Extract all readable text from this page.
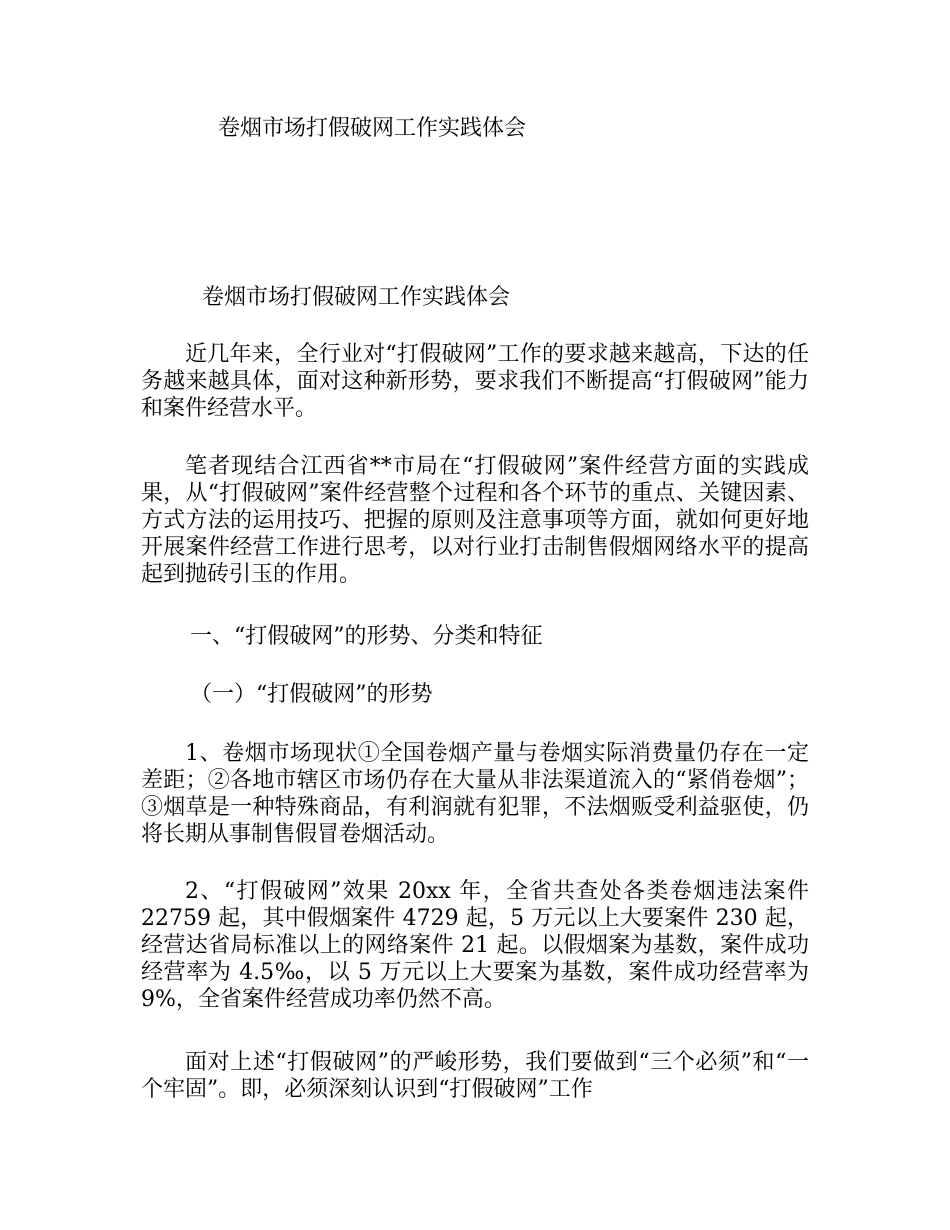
卷烟市场打假破网工作实践体会
卷烟市场打假破网工作实践体会

近几年来，全行业对“打假破网”工作的要求越来越高，下达的任务越来越具体，面对这种新形势，要求我们不断提高“打假破网”能力和案件经营水平。

笔者现结合江西省**市局在“打假破网”案件经营方面的实践成果，从“打假破网”案件经营整个过程和各个环节的重点、关键因素、方式方法的运用技巧、把握的原则及注意事项等方面，就如何更好地开展案件经营工作进行思考，以对行业打击制售假烟网络水平的提高起到抛砖引玉的作用。

一、“打假破网”的形势、分类和特征
（一）“打假破网”的形势

1、卷烟市场现状①全国卷烟产量与卷烟实际消费量仍存在一定差距；②各地市辖区市场仍存在大量从非法渠道流入的“紧俏卷烟”；③烟草是一种特殊商品，有利润就有犯罪，不法烟贩受利益驱使，仍将长期从事制售假冒卷烟活动。

2、“打假破网”效果 20xx 年，全省共查处各类卷烟违法案件 22759 起，其中假烟案件 4729 起，5 万元以上大要案件 230 起，经营达省局标准以上的网络案件 21 起。以假烟案为基数，案件成功经营率为 4.5‰，以 5 万元以上大要案为基数，案件成功经营率为 9%，全省案件经营成功率仍然不高。

面对上述“打假破网”的严峻形势，我们要做到“三个必须”和“一个牢固”。即，必须深刻认识到“打假破网”工作
